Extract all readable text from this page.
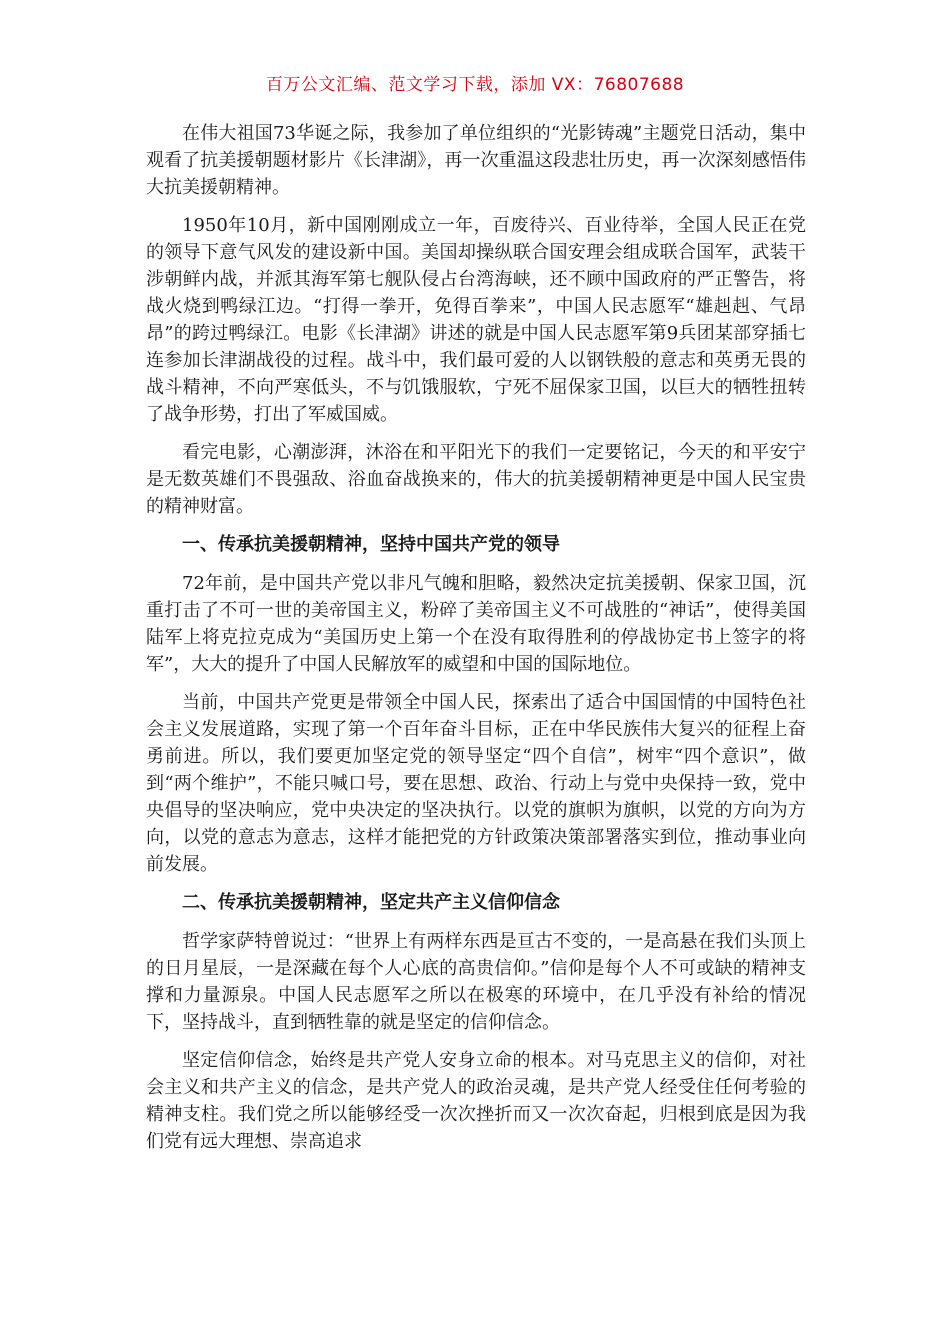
百万公文汇编、范文学习下载，添加 VX：76807688

在伟大祖国73华诞之际，我参加了单位组织的“光影铸魂”主题党日活动，集中观看了抗美援朝题材影片《长津湖》，再一次重温这段悲壮历史，再一次深刻感悟伟大抗美援朝精神。

1950年10月，新中国刚刚成立一年，百废待兴、百业待举，全国人民正在党的领导下意气风发的建设新中国。美国却操纵联合国安理会组成联合国军，武装干涉朝鲜内战，并派其海军第七舰队侵占台湾海峡，还不顾中国政府的严正警告，将战火烧到鸭绿江边。“打得一拳开，免得百拳来”，中国人民志愿军“雄赳赳、气昂昂”的跨过鸭绿江。电影《长津湖》讲述的就是中国人民志愿军第9兵团某部穿插七连参加长津湖战役的过程。战斗中，我们最可爱的人以钢铁般的意志和英勇无畏的战斗精神，不向严寒低头，不与饥饿服软，宁死不屈保家卫国，以巨大的牺牲扭转了战争形势，打出了军威国威。

看完电影，心潮澎湃，沐浴在和平阳光下的我们一定要铭记，今天的和平安宁是无数英雄们不畏强敌、浴血奋战换来的，伟大的抗美援朝精神更是中国人民宝贵的精神财富。

一、传承抗美援朝精神，坚持中国共产党的领导

72年前，是中国共产党以非凡气魄和胆略，毅然决定抗美援朝、保家卫国，沉重打击了不可一世的美帝国主义，粉碎了美帝国主义不可战胜的“神话”，使得美国陆军上将克拉克成为“美国历史上第一个在没有取得胜利的停战协定书上签字的将军”，大大的提升了中国人民解放军的威望和中国的国际地位。

当前，中国共产党更是带领全中国人民，探索出了适合中国国情的中国特色社会主义发展道路，实现了第一个百年奋斗目标，正在中华民族伟大复兴的征程上奋勇前进。所以，我们要更加坚定党的领导坚定“四个自信”，树牢“四个意识”，做到“两个维护”，不能只喊口号，要在思想、政治、行动上与党中央保持一致，党中央倡导的坚决响应，党中央决定的坚决执行。以党的旗帜为旗帜，以党的方向为方向，以党的意志为意志，这样才能把党的方针政策决策部署落实到位，推动事业向前发展。

二、传承抗美援朝精神，坚定共产主义信仰信念

哲学家萨特曾说过：“世界上有两样东西是亘古不变的，一是高悬在我们头顶上的日月星辰，一是深藏在每个人心底的高贵信仰。”信仰是每个人不可或缺的精神支撑和力量源泉。中国人民志愿军之所以在极寒的环境中，在几乎没有补给的情况下，坚持战斗，直到牺牲靠的就是坚定的信仰信念。

坚定信仰信念，始终是共产党人安身立命的根本。对马克思主义的信仰，对社会主义和共产主义的信念，是共产党人的政治灵魂，是共产党人经受住任何考验的精神支柱。我们党之所以能够经受一次次挫折而又一次次奋起，归根到底是因为我们党有远大理想、崇高追求
